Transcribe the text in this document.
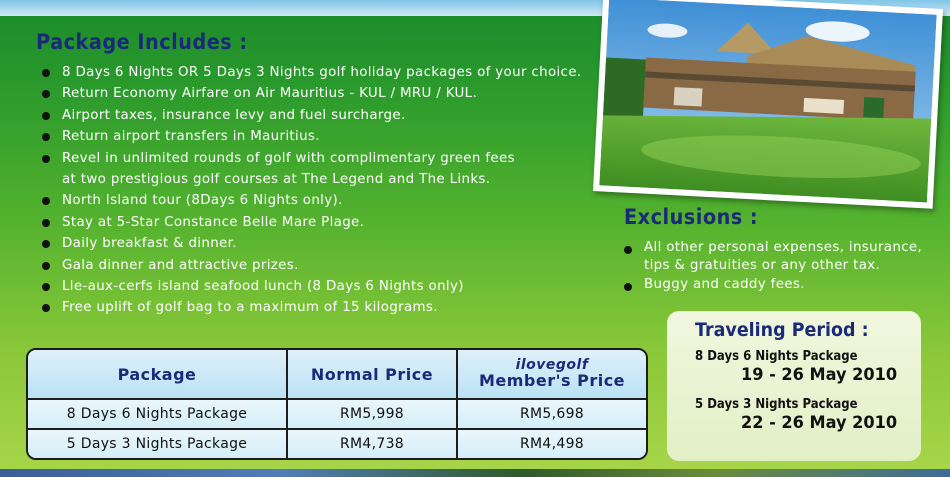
Package Includes :
8 Days 6 Nights OR 5 Days 3 Nights golf holiday packages of your choice.
Return Economy Airfare on Air Mauritius - KUL / MRU / KUL.
Airport taxes, insurance levy and fuel surcharge.
Return airport transfers in Mauritius.
Revel in unlimited rounds of golf with complimentary green fees
at two prestigious golf courses at The Legend and The Links.
North Island tour (8Days 6 Nights only).
Stay at 5-Star Constance Belle Mare Plage.
Daily breakfast & dinner.
Gala dinner and attractive prizes.
Lle-aux-cerfs island seafood lunch (8 Days 6 Nights only)
Free uplift of golf bag to a maximum of 15 kilograms.
Exclusions :
All other personal expenses, insurance, tips & gratuities or any other tax.
Buggy and caddy fees.
Package	Normal Price	ilovegolf
Member's Price

8 Days 6 Nights Package	RM5,998	RM5,698
5 Days 3 Nights Package	RM4,738	RM4,498
Traveling Period :
8 Days 6 Nights Package
19 - 26 May 2010
5 Days 3 Nights Package
22 - 26 May 2010
